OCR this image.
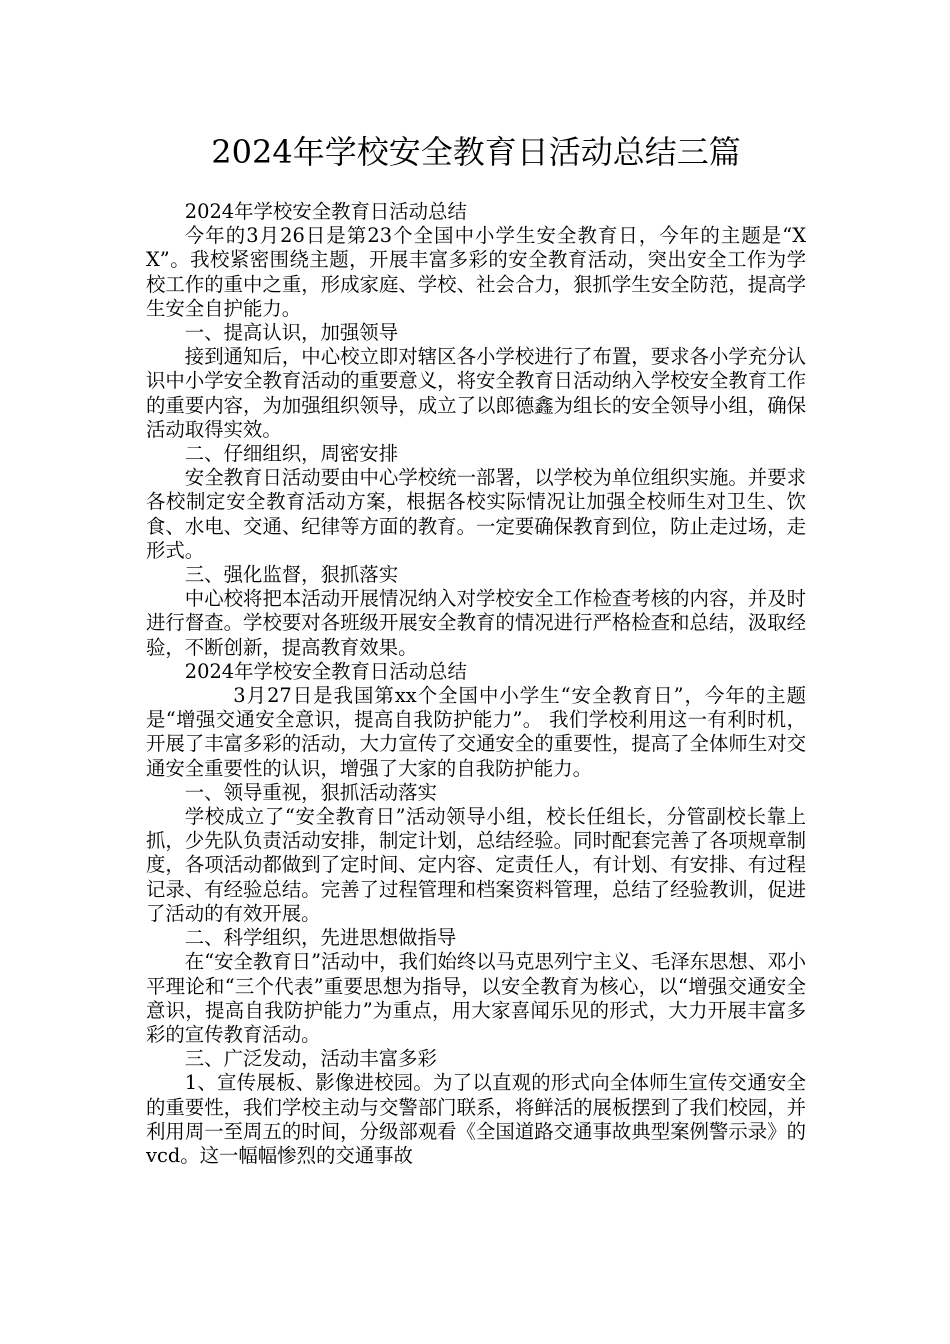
2024年学校安全教育日活动总结三篇

2024年学校安全教育日活动总结

今年的3月26日是第23个全国中小学生安全教育日，今年的主题是“XX”。我校紧密围绕主题，开展丰富多彩的安全教育活动，突出安全工作为学校工作的重中之重，形成家庭、学校、社会合力，狠抓学生安全防范，提高学生安全自护能力。

一、提高认识，加强领导

接到通知后，中心校立即对辖区各小学校进行了布置，要求各小学充分认识中小学安全教育活动的重要意义，将安全教育日活动纳入学校安全教育工作的重要内容，为加强组织领导，成立了以郎德鑫为组长的安全领导小组，确保活动取得实效。

二、仔细组织，周密安排

安全教育日活动要由中心学校统一部署，以学校为单位组织实施。并要求各校制定安全教育活动方案，根据各校实际情况让加强全校师生对卫生、饮食、水电、交通、纪律等方面的教育。一定要确保教育到位，防止走过场，走形式。

三、强化监督，狠抓落实

中心校将把本活动开展情况纳入对学校安全工作检查考核的内容，并及时进行督查。学校要对各班级开展安全教育的情况进行严格检查和总结，汲取经验，不断创新，提高教育效果。

2024年学校安全教育日活动总结

3月27日是我国第xx个全国中小学生“安全教育日”，今年的主题是“增强交通安全意识，提高自我防护能力”。 我们学校利用这一有利时机，开展了丰富多彩的活动，大力宣传了交通安全的重要性，提高了全体师生对交通安全重要性的认识，增强了大家的自我防护能力。

一、领导重视，狠抓活动落实

学校成立了“安全教育日”活动领导小组，校长任组长，分管副校长靠上抓，少先队负责活动安排，制定计划，总结经验。同时配套完善了各项规章制度，各项活动都做到了定时间、定内容、定责任人，有计划、有安排、有过程记录、有经验总结。完善了过程管理和档案资料管理，总结了经验教训，促进了活动的有效开展。

二、科学组织，先进思想做指导

在“安全教育日”活动中，我们始终以马克思列宁主义、毛泽东思想、邓小平理论和“三个代表”重要思想为指导，以安全教育为核心，以“增强交通安全意识，提高自我防护能力”为重点，用大家喜闻乐见的形式，大力开展丰富多彩的宣传教育活动。

三、广泛发动，活动丰富多彩

1、宣传展板、影像进校园。为了以直观的形式向全体师生宣传交通安全的重要性，我们学校主动与交警部门联系，将鲜活的展板摆到了我们校园，并利用周一至周五的时间，分级部观看《全国道路交通事故典型案例警示录》的vcd。这一幅幅惨烈的交通事故
